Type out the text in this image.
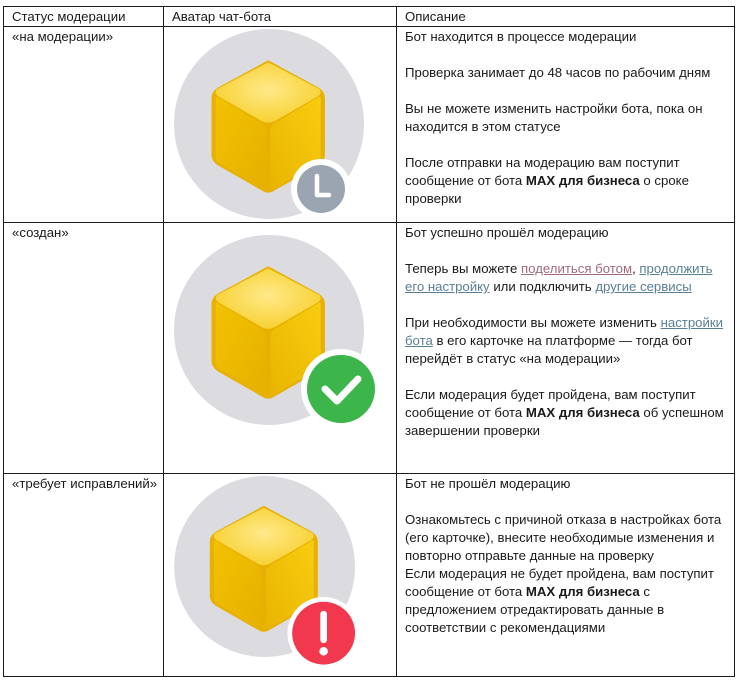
Статус модерации	Аватар чат-бота	Описание
«на модерации»		Бот находится в процессе модерации

Проверка занимает до 48 часов по рабочим дням

Вы не можете изменить настройки бота, пока он находится в этом статусе

После отправки на модерацию вам поступит сообщение от бота MAX для бизнеса о сроке проверки

«создан»		Бот успешно прошёл модерацию

Теперь вы можете поделиться ботом, продолжить его настройку или подключить другие сервисы

При необходимости вы можете изменить настройки бота в его карточке на платформе — тогда бот перейдёт в статус «на модерации»

Если модерация будет пройдена, вам поступит сообщение от бота MAX для бизнеса об успешном завершении проверки

«требует исправлений»		Бот не прошёл модерацию

Ознакомьтесь с причиной отказа в настройках бота (его карточке), внесите необходимые изменения и повторно отправьте данные на проверку

Если модерация не будет пройдена, вам поступит сообщение от бота MAX для бизнеса с предложением отредактировать данные в соответствии с рекомендациями
